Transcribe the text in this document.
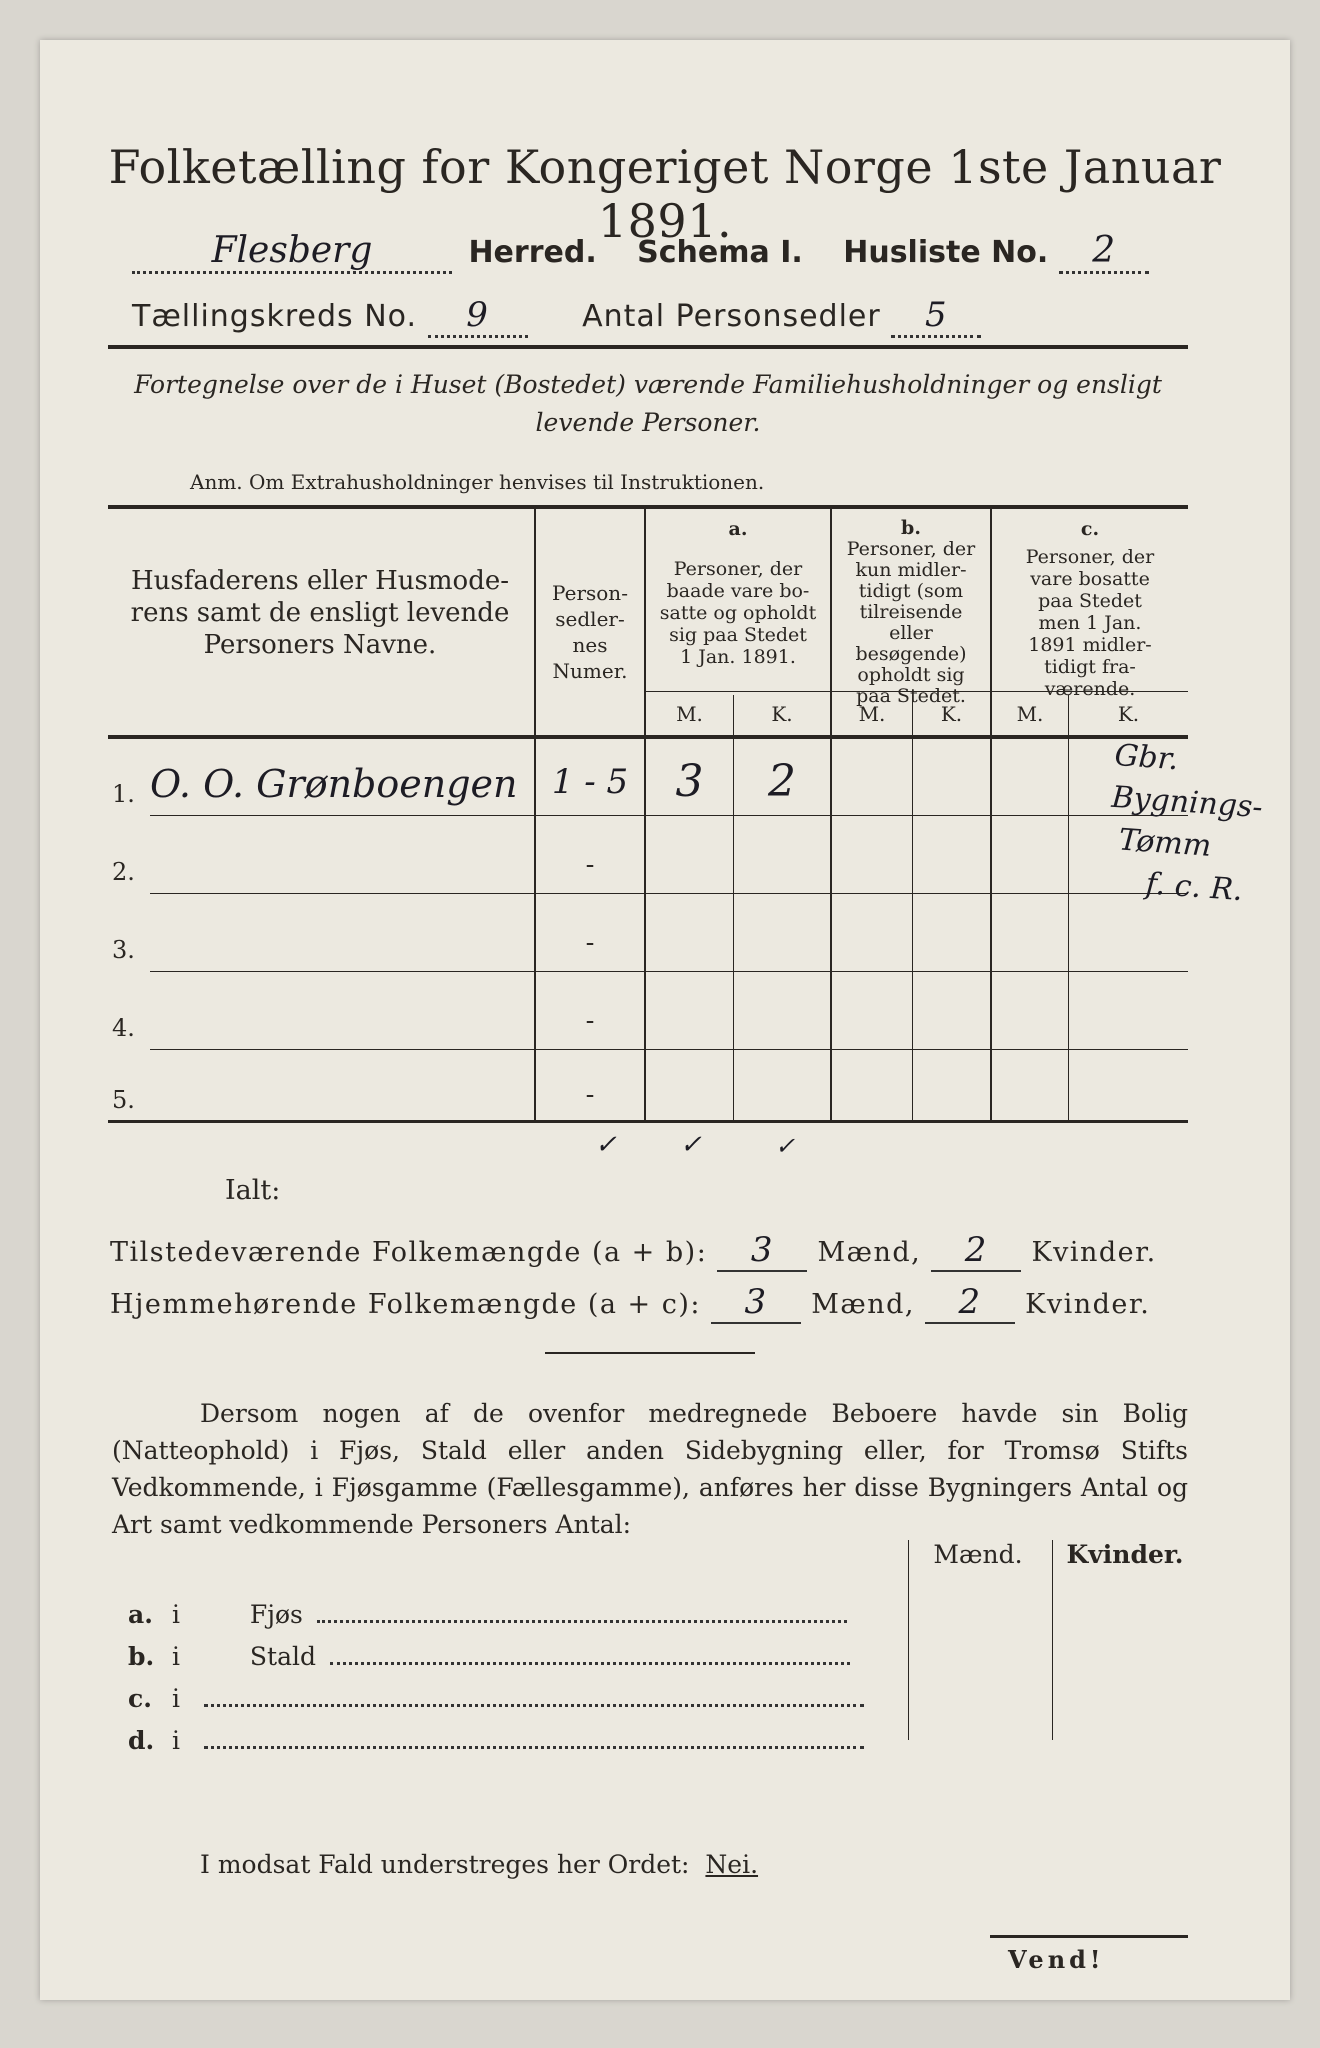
Folketælling for Kongeriget Norge 1ste Januar 1891.
Flesberg	Herred. Schema I. Husliste No. 2
Tællingskreds No. 9	Antal Personsedler 5
Fortegnelse over de i Huset (Bostedet) værende Familiehusholdninger og ensligt
levende Personer.
Anm. Om Extrahusholdninger henvises til Instruktionen.
Husfaderens eller Husmode-
rens samt de ensligt levende
Personers Navne.
Person-
sedler-
nes
Numer.
a.
Personer, der
baade vare bo-
satte og opholdt
sig paa Stedet
1 Jan. 1891.
b.
Personer, der
kun midler-
tidigt (som
tilreisende
eller
besøgende)
opholdt sig
paa Stedet.
c.
Personer, der
vare bosatte
paa Stedet
men 1 Jan.
1891 midler-
tidigt fra-
værende.
M.	K.	M.	K.	M.	K.
1. O. O. Grønboengen	1 - 5	3	2
2.	-
3.	-
4.	-
5.	-
Gbr.
Bygnings-
Tømm
f. c. R.
✓ ✓	✓
Ialt:
Tilstedeværende Folkemængde (a + b): 3 Mænd, 2 Kvinder.
Hjemmehørende Folkemængde (a + c): 3 Mænd, 2 Kvinder.
Dersom nogen af de ovenfor medregnede Beboere havde sin Bolig (Natteophold) i Fjøs, Stald eller anden Sidebygning eller, for Tromsø Stifts Vedkommende, i Fjøsgamme (Fællesgamme), anføres her disse Bygningers Antal og Art samt vedkommende Personers Antal:
Mænd.	Kvinder.
a. i	Fjøs
b. i	Stald
c. i
d. i
I modsat Fald understreges her Ordet: Nei.
Vend!
